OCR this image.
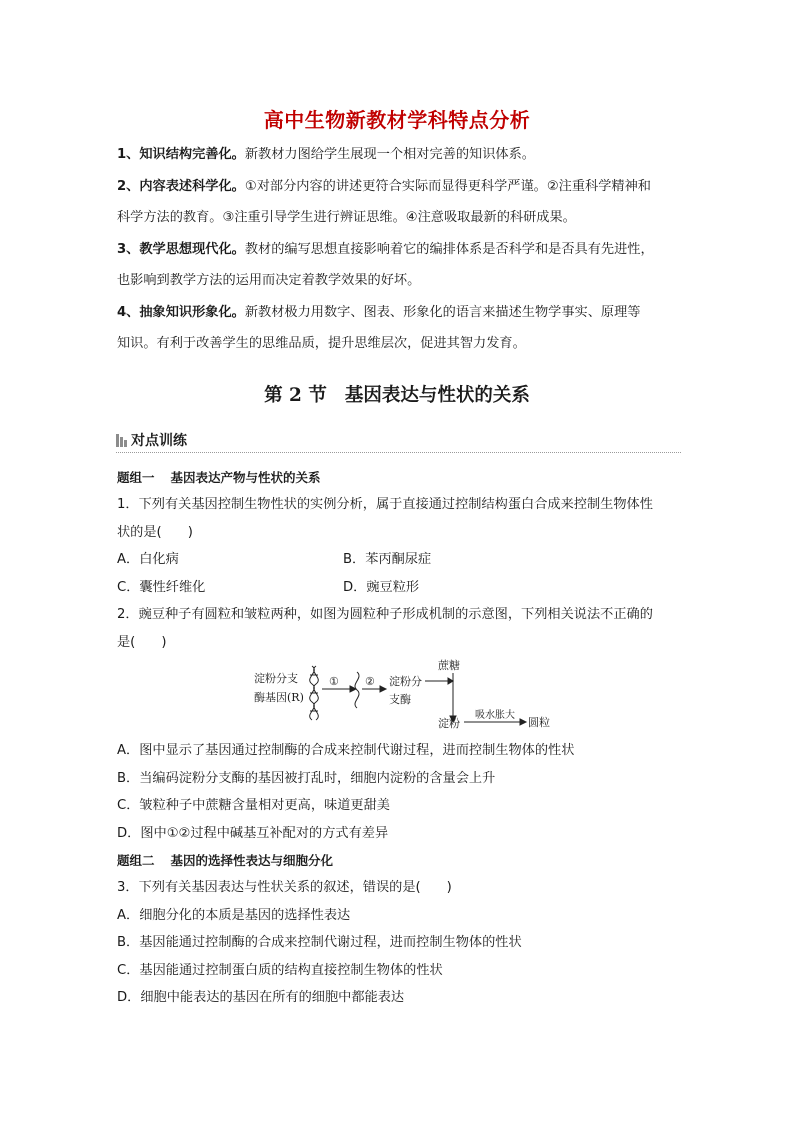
高中生物新教材学科特点分析

1、知识结构完善化。新教材力图给学生展现一个相对完善的知识体系。

2、内容表述科学化。①对部分内容的讲述更符合实际而显得更科学严谨。②注重科学精神和

科学方法的教育。③注重引导学生进行辨证思维。④注意吸取最新的科研成果。

3、教学思想现代化。教材的编写思想直接影响着它的编排体系是否科学和是否具有先进性，

也影响到教学方法的运用而决定着教学效果的好坏。

4、抽象知识形象化。新教材极力用数字、图表、形象化的语言来描述生物学事实、原理等

知识。有利于改善学生的思维品质，提升思维层次，促进其智力发育。

第 2 节 基因表达与性状的关系
对点训练
题组一 基因表达产物与性状的关系

1．下列有关基因控制生物性状的实例分析，属于直接通过控制结构蛋白合成来控制生物体性

状的是( )

A．白化病	B．苯丙酮尿症
C．囊性纤维化	D．豌豆粒形

2．豌豆种子有圆粒和皱粒两种，如图为圆粒种子形成机制的示意图，下列相关说法不正确的

是( )

淀粉分支
酶基因(R)
① ② 淀粉分
支酶
蔗糖
淀粉
吸水胀大
圆粒

A．图中显示了基因通过控制酶的合成来控制代谢过程，进而控制生物体的性状

B．当编码淀粉分支酶的基因被打乱时，细胞内淀粉的含量会上升

C．皱粒种子中蔗糖含量相对更高，味道更甜美

D．图中①②过程中碱基互补配对的方式有差异

题组二 基因的选择性表达与细胞分化

3．下列有关基因表达与性状关系的叙述，错误的是( )

A．细胞分化的本质是基因的选择性表达

B．基因能通过控制酶的合成来控制代谢过程，进而控制生物体的性状

C．基因能通过控制蛋白质的结构直接控制生物体的性状

D．细胞中能表达的基因在所有的细胞中都能表达
